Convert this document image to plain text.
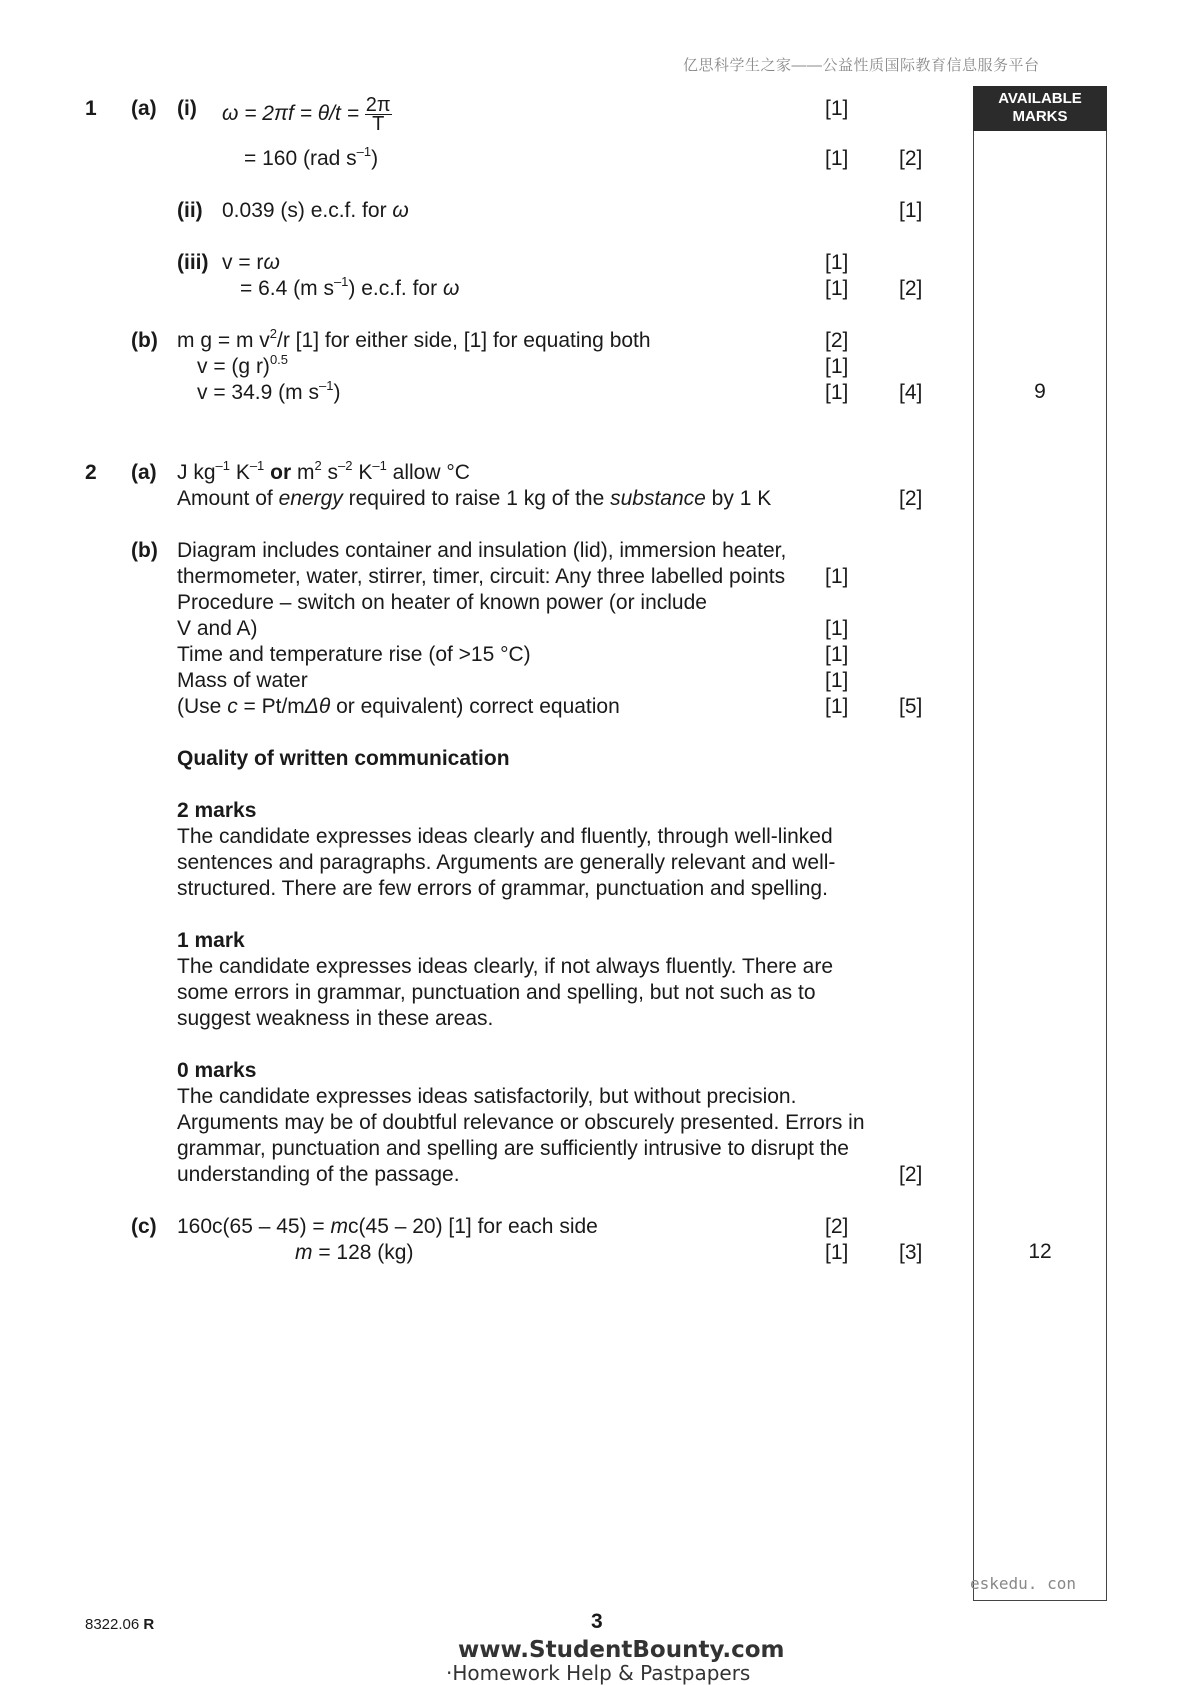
亿思科学生之家——公益性质国际教育信息服务平台
AVAILABLE
MARKS
1 (a) (i) $\omega = 2\pi f = \theta/t = \frac{2\pi}{T}$	[1]
= 160 (rad $s^{-1}$)	[1] [2]
(ii) 0.039 (s) e.c.f. for ω	[1]
(iii) v = rω	[1]
= 6.4 (m $s^{-1}$) e.c.f. for ω	[1] [2]
(b) m g = m $v^2/r$ [1] for either side, [1] for equating both	[2]
v = (g r)$^{0.5}$	[1]
v = 34.9 (m $s^{-1}$)	[1] [4]	9
2 (a) J $kg^{-1}$ $K^{-1}$ or $m^2$ $s^{-2}$ $K^{-1}$ allow °C
Amount of energy required to raise 1 kg of the substance by 1 K	[2]
(b) Diagram includes container and insulation (lid), immersion heater,
thermometer, water, stirrer, timer, circuit: Any three labelled points [1]
Procedure – switch on heater of known power (or include
V and A)	[1]
Time and temperature rise (of >15 °C)	[1]
Mass of water	[1]
(Use c = Pt/mΔθ or equivalent) correct equation	[1] [5]
Quality of written communication
2 marks
The candidate expresses ideas clearly and fluently, through well-linked sentences and paragraphs. Arguments are generally relevant and well-structured. There are few errors of grammar, punctuation and spelling.
1 mark
The candidate expresses ideas clearly, if not always fluently. There are some errors in grammar, punctuation and spelling, but not such as to suggest weakness in these areas.
0 marks
The candidate expresses ideas satisfactorily, but without precision. Arguments may be of doubtful relevance or obscurely presented. Errors in grammar, punctuation and spelling are sufficiently intrusive to disrupt the understanding of the passage.	[2]
(c) 160c(65 – 45) = mc(45 – 20) [1] for each side	[2]
m = 128 (kg)	[1] [3]	12
eskedu. con
8322.06 R	3
www.StudentBounty.com
·Homework Help & Pastpapers
